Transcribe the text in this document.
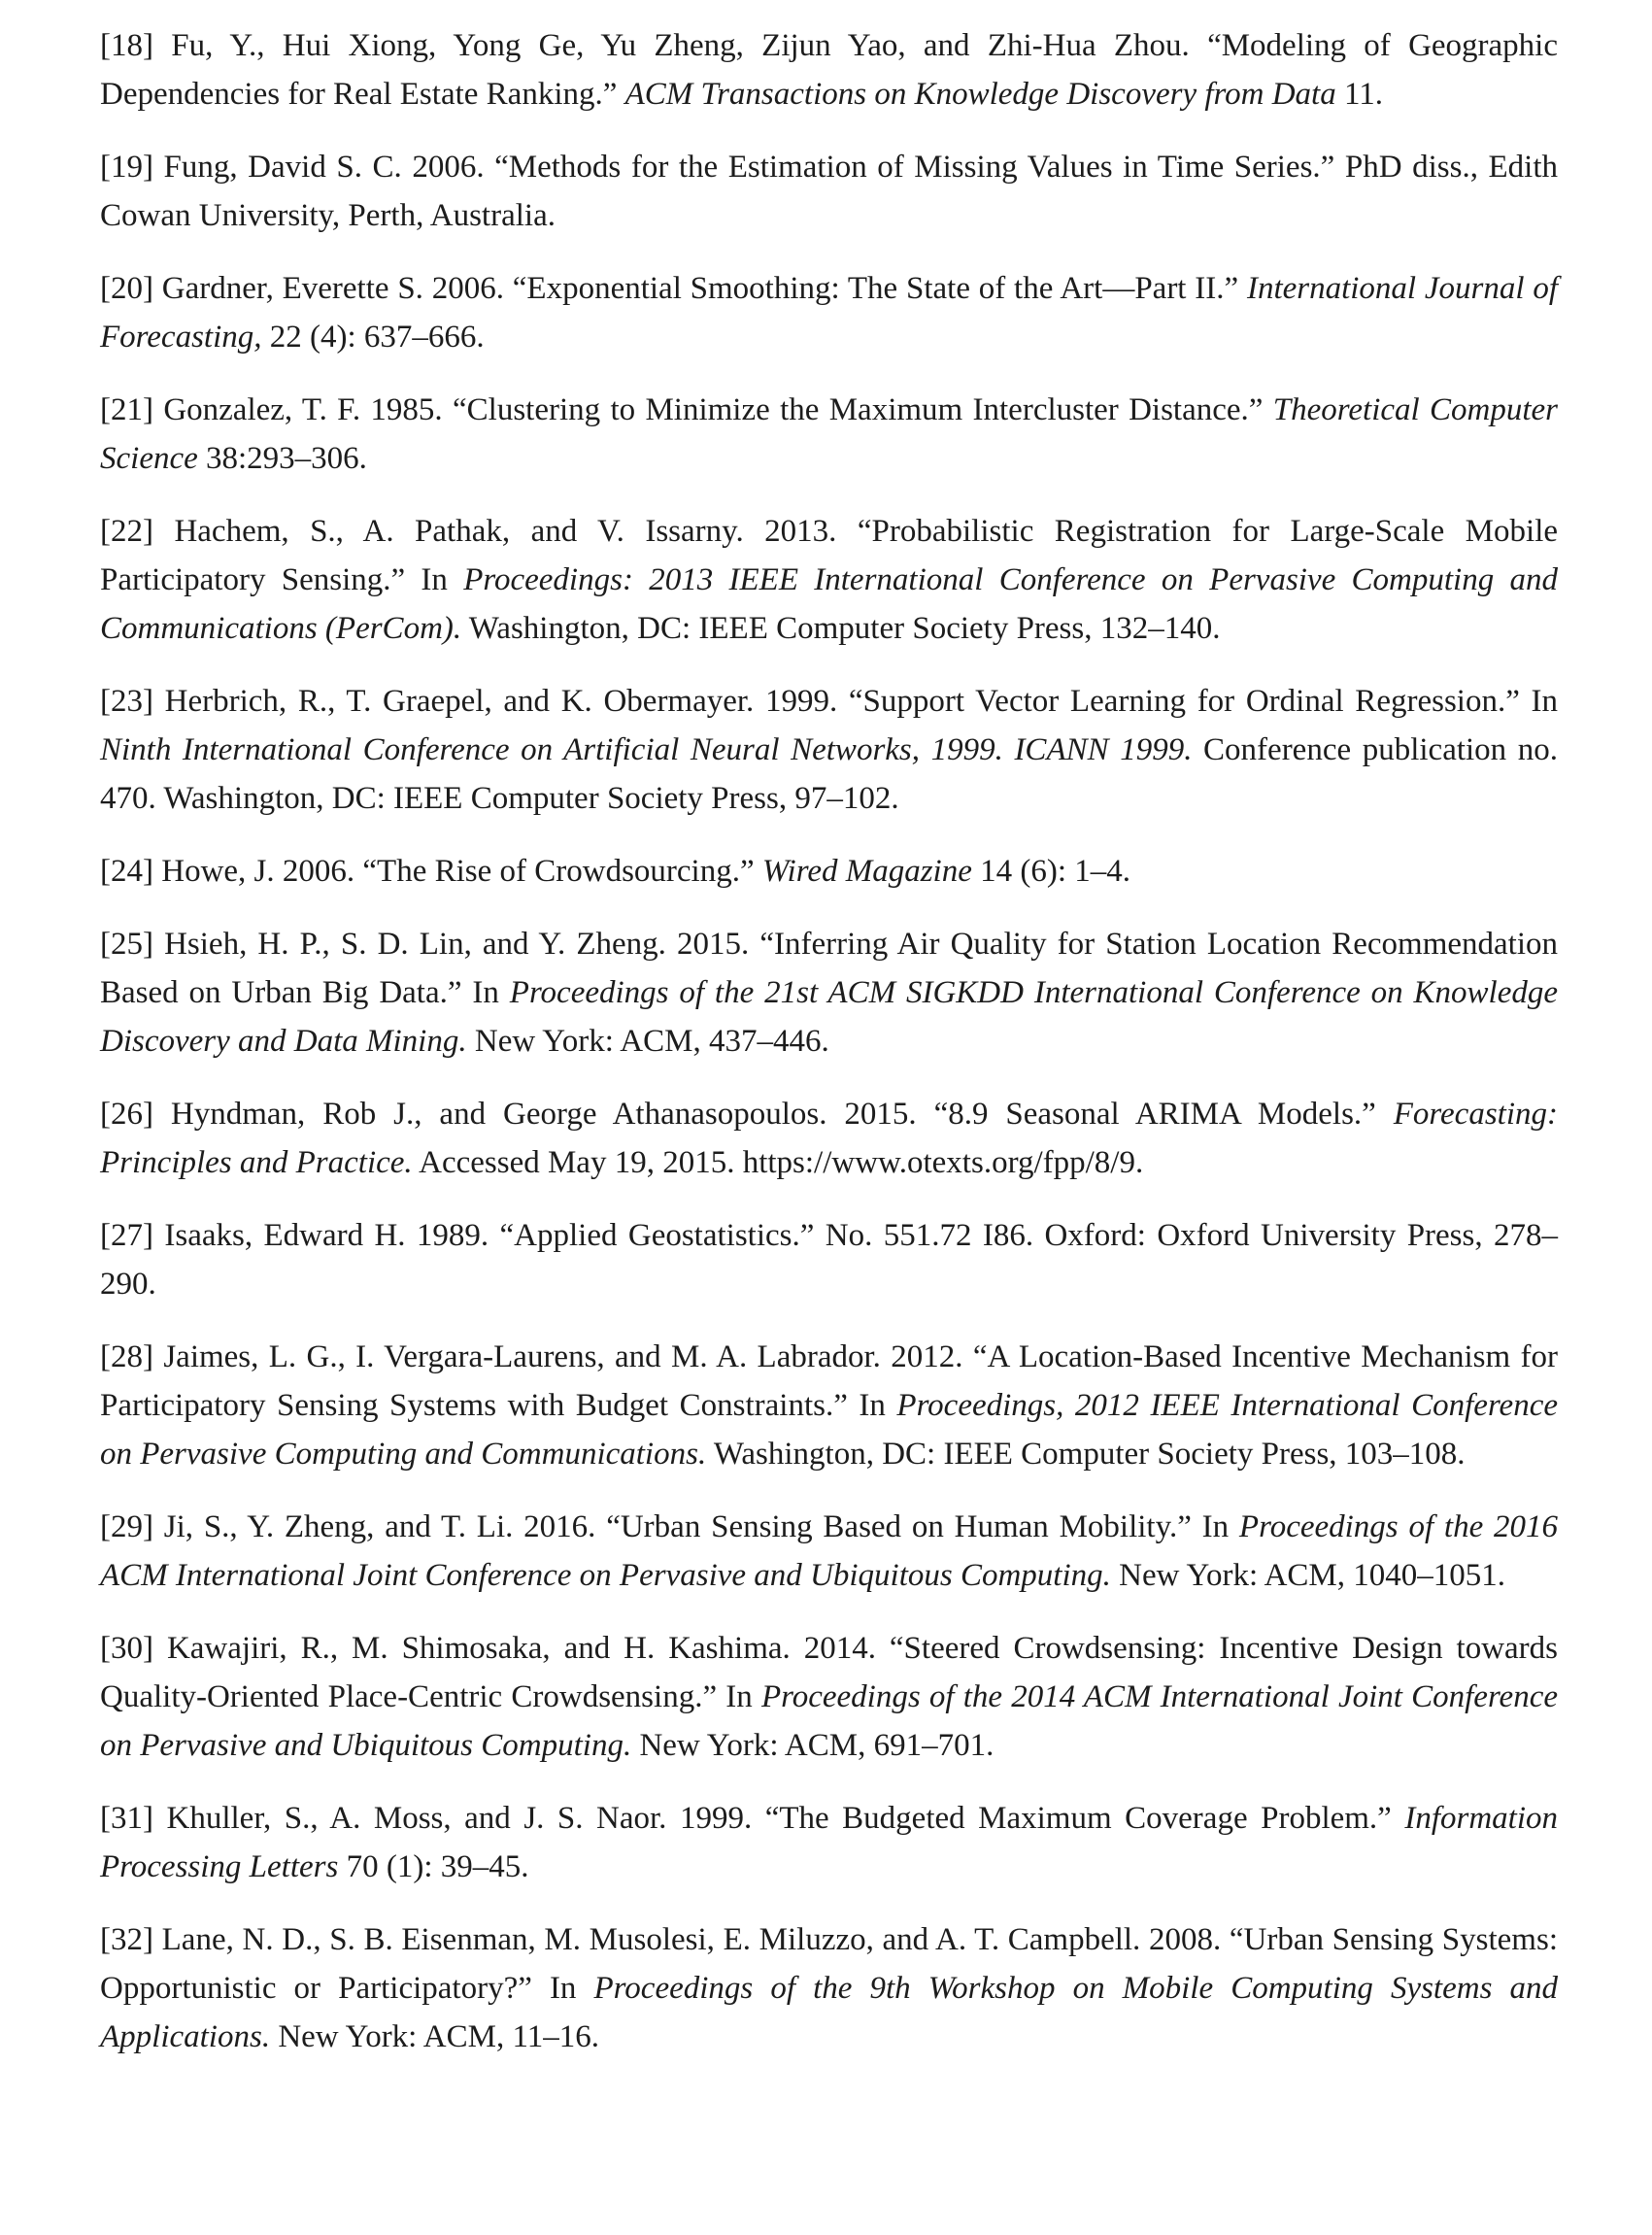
[18] Fu, Y., Hui Xiong, Yong Ge, Yu Zheng, Zijun Yao, and Zhi-Hua Zhou. “Modeling of Geographic Dependencies for Real Estate Ranking.” ACM Transactions on Knowledge Discovery from Data 11.

[19] Fung, David S. C. 2006. “Methods for the Estimation of Missing Values in Time Series.” PhD diss., Edith Cowan University, Perth, Australia.

[20] Gardner, Everette S. 2006. “Exponential Smoothing: The State of the Art—Part II.” International Journal of Forecasting, 22 (4): 637–666.

[21] Gonzalez, T. F. 1985. “Clustering to Minimize the Maximum Intercluster Distance.” Theoretical Computer Science 38:293–306.

[22] Hachem, S., A. Pathak, and V. Issarny. 2013. “Probabilistic Registration for Large-Scale Mobile Participatory Sensing.” In Proceedings: 2013 IEEE International Conference on Pervasive Computing and Communications (PerCom). Washington, DC: IEEE Computer Society Press, 132–140.

[23] Herbrich, R., T. Graepel, and K. Obermayer. 1999. “Support Vector Learning for Ordinal Regression.” In Ninth International Conference on Artificial Neural Networks, 1999. ICANN 1999. Conference publication no. 470. Washington, DC: IEEE Computer Society Press, 97–102.

[24] Howe, J. 2006. “The Rise of Crowdsourcing.” Wired Magazine 14 (6): 1–4.

[25] Hsieh, H. P., S. D. Lin, and Y. Zheng. 2015. “Inferring Air Quality for Station Location Recommendation Based on Urban Big Data.” In Proceedings of the 21st ACM SIGKDD International Conference on Knowledge Discovery and Data Mining. New York: ACM, 437–446.

[26] Hyndman, Rob J., and George Athanasopoulos. 2015. “8.9 Seasonal ARIMA Models.” Forecasting: Principles and Practice. Accessed May 19, 2015. https://www.otexts.org/fpp/8/9.

[27] Isaaks, Edward H. 1989. “Applied Geostatistics.” No. 551.72 I86. Oxford: Oxford University Press, 278–290.

[28] Jaimes, L. G., I. Vergara-Laurens, and M. A. Labrador. 2012. “A Location-Based Incentive Mechanism for Participatory Sensing Systems with Budget Constraints.” In Proceedings, 2012 IEEE International Conference on Pervasive Computing and Communications. Washington, DC: IEEE Computer Society Press, 103–108.

[29] Ji, S., Y. Zheng, and T. Li. 2016. “Urban Sensing Based on Human Mobility.” In Proceedings of the 2016 ACM International Joint Conference on Pervasive and Ubiquitous Computing. New York: ACM, 1040–1051.

[30] Kawajiri, R., M. Shimosaka, and H. Kashima. 2014. “Steered Crowdsensing: Incentive Design towards Quality-Oriented Place-Centric Crowdsensing.” In Proceedings of the 2014 ACM International Joint Conference on Pervasive and Ubiquitous Computing. New York: ACM, 691–701.

[31] Khuller, S., A. Moss, and J. S. Naor. 1999. “The Budgeted Maximum Coverage Problem.” Information Processing Letters 70 (1): 39–45.

[32] Lane, N. D., S. B. Eisenman, M. Musolesi, E. Miluzzo, and A. T. Campbell. 2008. “Urban Sensing Systems: Opportunistic or Participatory?” In Proceedings of the 9th Workshop on Mobile Computing Systems and Applications. New York: ACM, 11–16.
